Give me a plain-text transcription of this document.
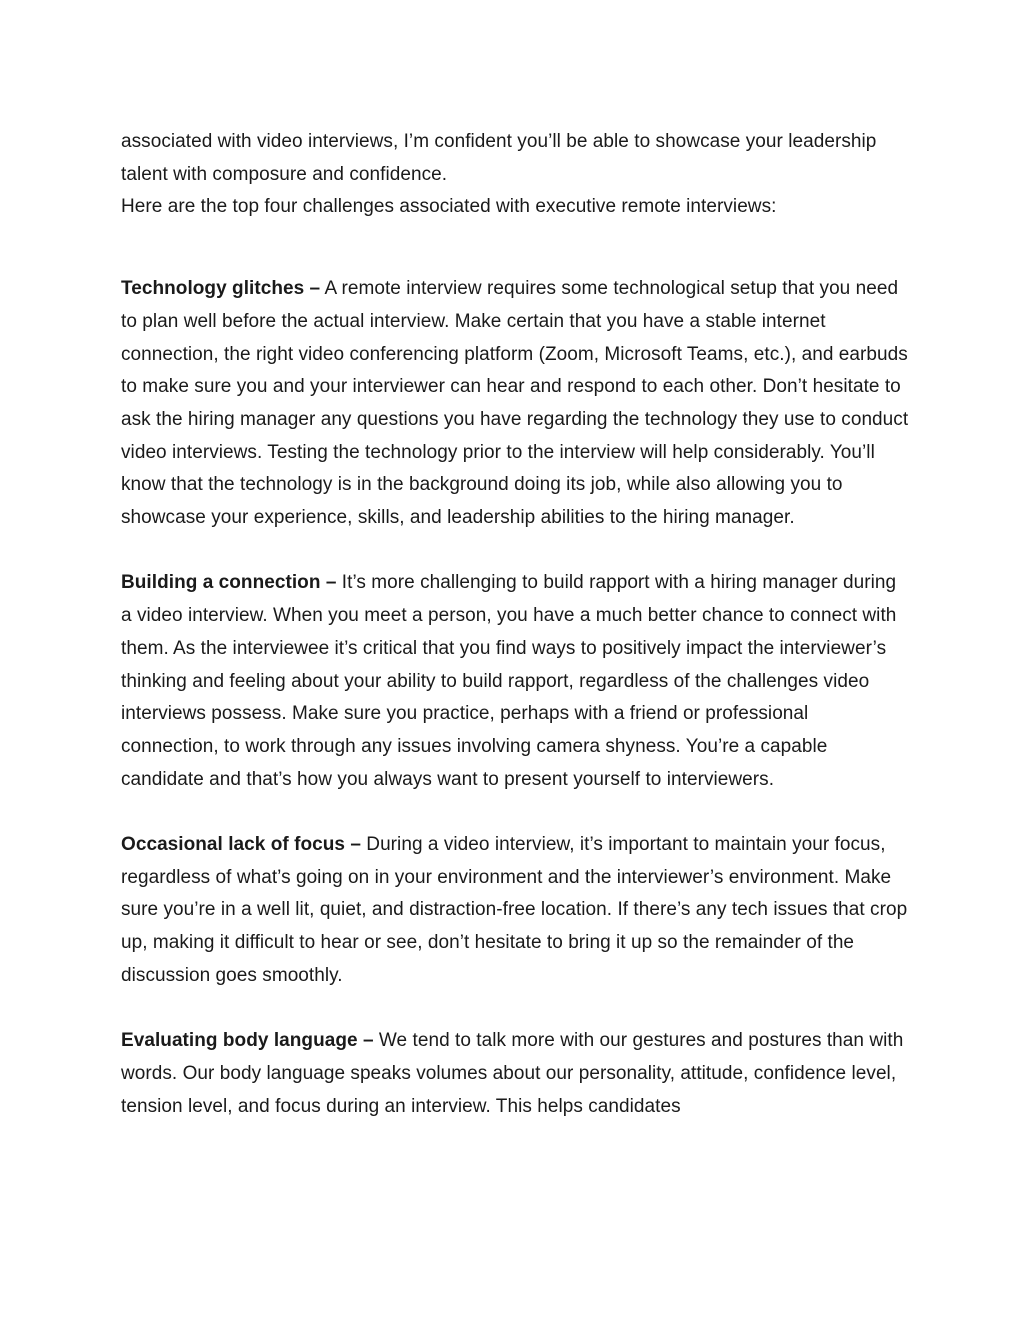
associated with video interviews, I’m confident you’ll be able to showcase your leadership talent with composure and confidence.

Here are the top four challenges associated with executive remote interviews:

Technology glitches – A remote interview requires some technological setup that you need to plan well before the actual interview. Make certain that you have a stable internet connection, the right video conferencing platform (Zoom, Microsoft Teams, etc.), and earbuds to make sure you and your interviewer can hear and respond to each other. Don’t hesitate to ask the hiring manager any questions you have regarding the technology they use to conduct video interviews. Testing the technology prior to the interview will help considerably. You’ll know that the technology is in the background doing its job, while also allowing you to showcase your experience, skills, and leadership abilities to the hiring manager.

Building a connection – It’s more challenging to build rapport with a hiring manager during a video interview. When you meet a person, you have a much better chance to connect with them. As the interviewee it’s critical that you find ways to positively impact the interviewer’s thinking and feeling about your ability to build rapport, regardless of the challenges video interviews possess. Make sure you practice, perhaps with a friend or professional connection, to work through any issues involving camera shyness. You’re a capable candidate and that’s how you always want to present yourself to interviewers.

Occasional lack of focus – During a video interview, it’s important to maintain your focus, regardless of what’s going on in your environment and the interviewer’s environment. Make sure you’re in a well lit, quiet, and distraction-free location. If there’s any tech issues that crop up, making it difficult to hear or see, don’t hesitate to bring it up so the remainder of the discussion goes smoothly.

Evaluating body language – We tend to talk more with our gestures and postures than with words. Our body language speaks volumes about our personality, attitude, confidence level, tension level, and focus during an interview. This helps candidates
